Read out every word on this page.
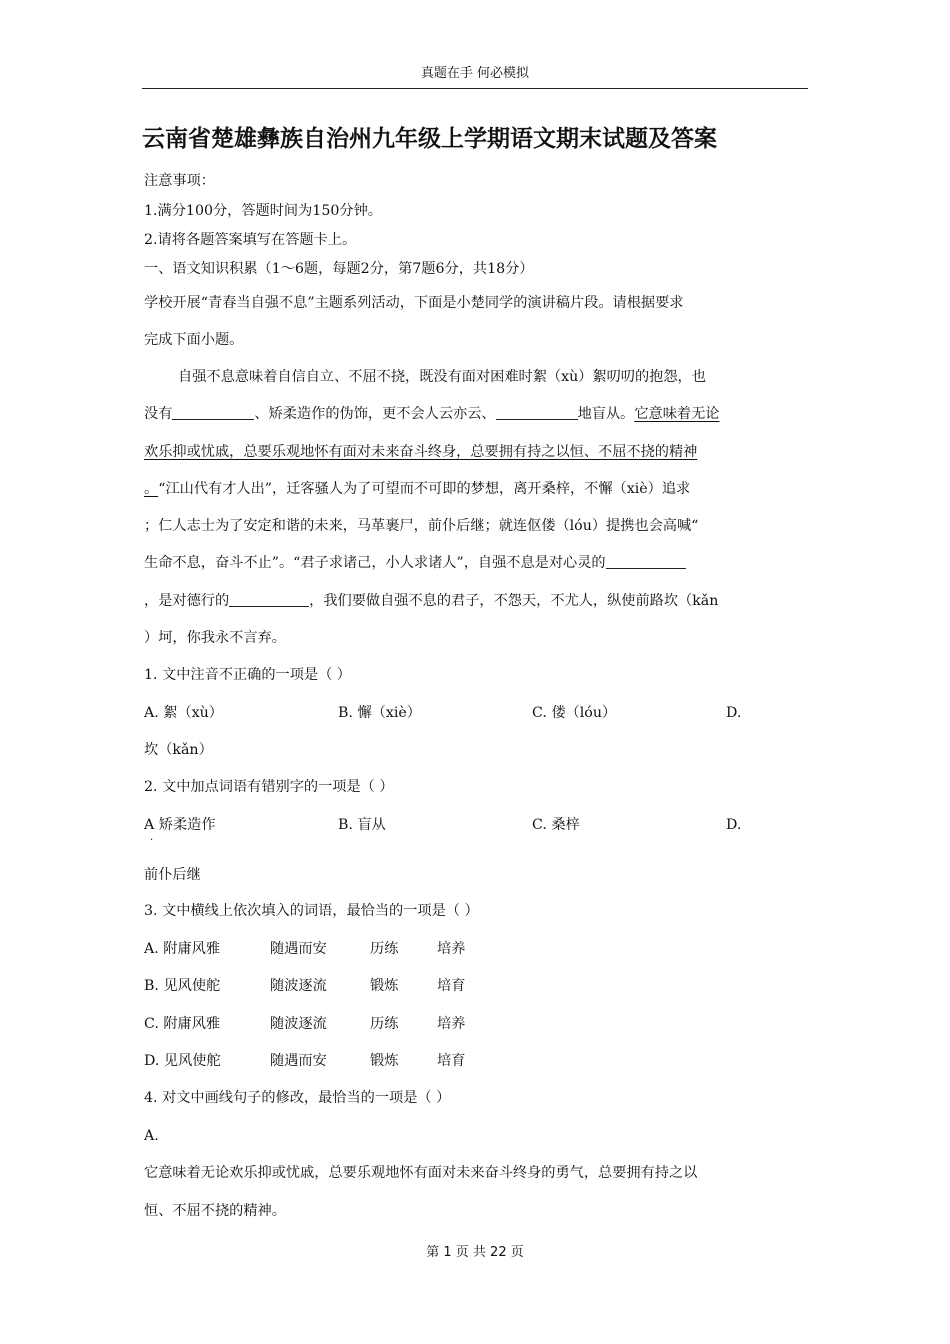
真题在手 何必模拟
云南省楚雄彝族自治州九年级上学期语文期末试题及答案
注意事项：
1.满分100分，答题时间为150分钟。
2.请将各题答案填写在答题卡上。
一、语文知识积累（1～6题，每题2分，第7题6分，共18分）
学校开展“青春当自强不息”主题系列活动，下面是小楚同学的演讲稿片段。请根据要求
完成下面小题。
自强不息意味着自信自立、不屈不挠，既没有面对困难时絮（xù）絮叨叨的抱怨，也
没有	、矫柔造作的伪饰，更不会人云亦云、	地盲从。它意味着无论
欢乐抑或忧戚，总要乐观地怀有面对未来奋斗终身，总要拥有持之以恒、不屈不挠的精神
。“江山代有才人出”，迁客骚人为了可望而不可即的梦想，离开桑梓，不懈（xiè）追求
；仁人志士为了安定和谐的未来，马革裹尸，前仆后继；就连伛偻（lóu）提携也会高喊“
生命不息，奋斗不止”。“君子求诸己，小人求诸人”，自强不息是对心灵的
，是对德行的	，我们要做自强不息的君子，不怨天，不尤人，纵使前路坎（kǎn
）坷，你我永不言弃。
1. 文中注音不正确的一项是（ ）
A. 絮（xù）	B. 懈（xiè）	C. 偻（lóu）	D.
坎（kǎn）
2. 文中加点词语有错别字的一项是（ ）
A 矫柔造作
·
B. 盲从	C. 桑梓	D.
前仆后继
3. 文中横线上依次填入的词语，最恰当的一项是（ ）
A. 附庸风雅	随遇而安	历练	培养
B. 见风使舵	随波逐流	锻炼	培育
C. 附庸风雅	随波逐流	历练	培养
D. 见风使舵	随遇而安	锻炼	培育
4. 对文中画线句子的修改，最恰当的一项是（ ）
A.
它意味着无论欢乐抑或忧戚，总要乐观地怀有面对未来奋斗终身的勇气，总要拥有持之以
恒、不屈不挠的精神。
第 1 页 共 22 页
